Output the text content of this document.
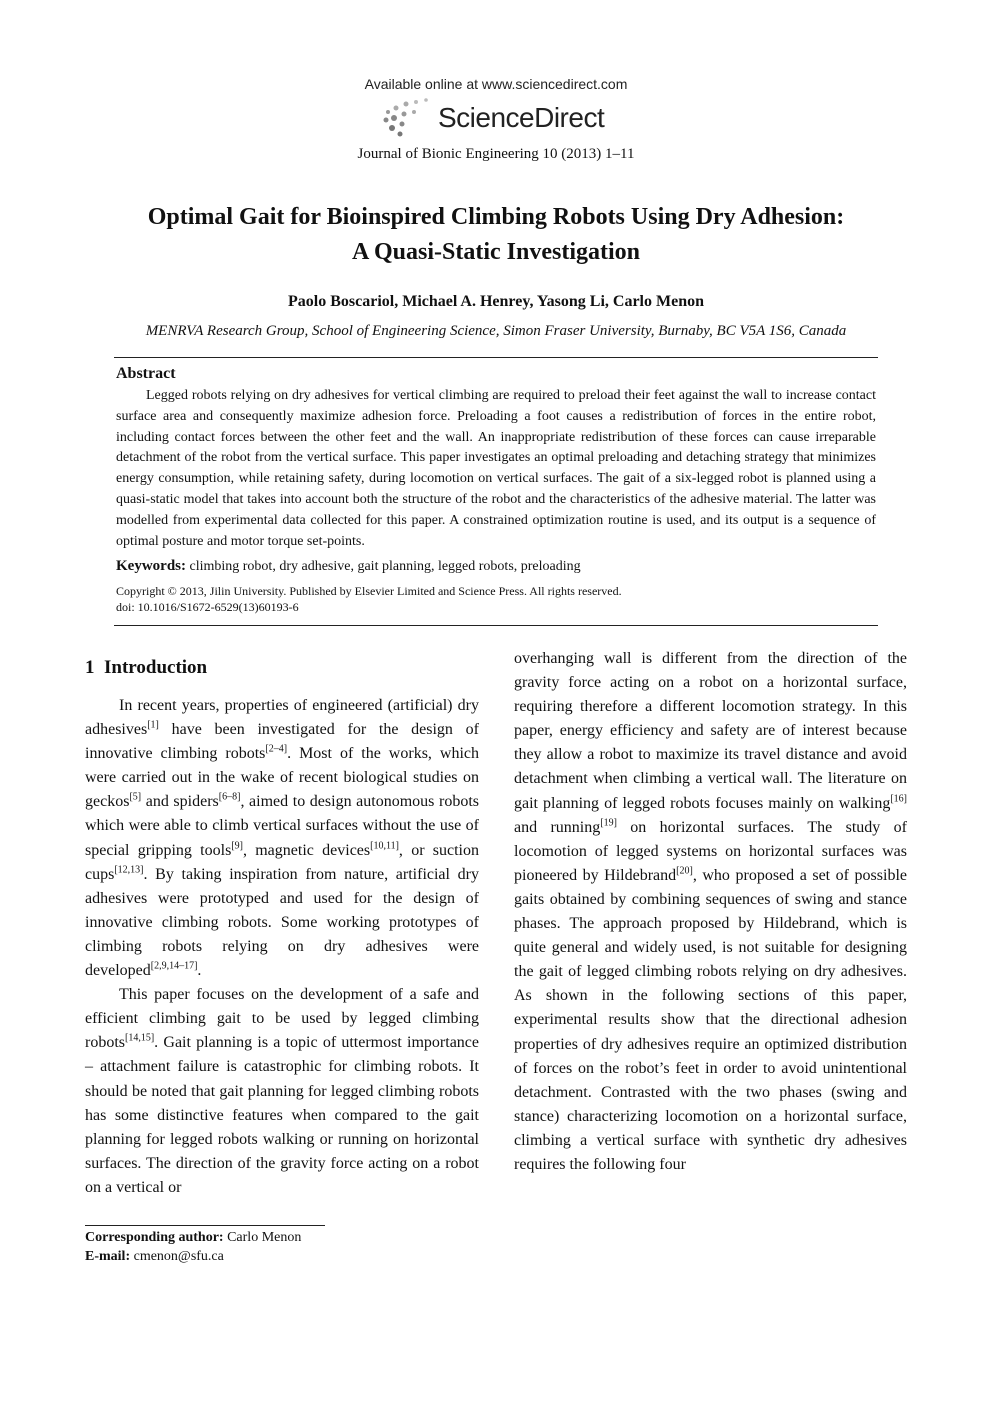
Available online at www.sciencedirect.com
ScienceDirect
Journal of Bionic Engineering 10 (2013) 1–11
Optimal Gait for Bioinspired Climbing Robots Using Dry Adhesion:
A Quasi-Static Investigation
Paolo Boscariol, Michael A. Henrey, Yasong Li, Carlo Menon
MENRVA Research Group, School of Engineering Science, Simon Fraser University, Burnaby, BC V5A 1S6, Canada
Abstract

Legged robots relying on dry adhesives for vertical climbing are required to preload their feet against the wall to increase contact surface area and consequently maximize adhesion force. Preloading a foot causes a redistribution of forces in the entire robot, including contact forces between the other feet and the wall. An inappropriate redistribution of these forces can cause irreparable detachment of the robot from the vertical surface. This paper investigates an optimal preloading and detaching strategy that minimizes energy consumption, while retaining safety, during locomotion on vertical surfaces. The gait of a six-legged robot is planned using a quasi-static model that takes into account both the structure of the robot and the characteristics of the adhesive material. The latter was modelled from experimental data collected for this paper. A constrained optimization routine is used, and its output is a sequence of optimal posture and motor torque set-points.

Keywords: climbing robot, dry adhesive, gait planning, legged robots, preloading
Copyright © 2013, Jilin University. Published by Elsevier Limited and Science Press. All rights reserved.
doi: 10.1016/S1672-6529(13)60193-6
1 Introduction

In recent years, properties of engineered (artificial) dry adhesives[1] have been investigated for the design of innovative climbing robots[2–4]. Most of the works, which were carried out in the wake of recent biological studies on geckos[5] and spiders[6–8], aimed to design autonomous robots which were able to climb vertical surfaces without the use of special gripping tools[9], magnetic devices[10,11], or suction cups[12,13]. By taking inspiration from nature, artificial dry adhesives were prototyped and used for the design of innovative climbing robots. Some working prototypes of climbing robots relying on dry adhesives were developed[2,9,14–17].

This paper focuses on the development of a safe and efficient climbing gait to be used by legged climbing robots[14,15]. Gait planning is a topic of uttermost importance – attachment failure is catastrophic for climbing robots. It should be noted that gait planning for legged climbing robots has some distinctive features when compared to the gait planning for legged robots walking or running on horizontal surfaces. The direction of the gravity force acting on a robot on a vertical or

overhanging wall is different from the direction of the gravity force acting on a robot on a horizontal surface, requiring therefore a different locomotion strategy. In this paper, energy efficiency and safety are of interest because they allow a robot to maximize its travel distance and avoid detachment when climbing a vertical wall. The literature on gait planning of legged robots focuses mainly on walking[16] and running[19] on horizontal surfaces. The study of locomotion of legged systems on horizontal surfaces was pioneered by Hildebrand[20], who proposed a set of possible gaits obtained by combining sequences of swing and stance phases. The approach proposed by Hildebrand, which is quite general and widely used, is not suitable for designing the gait of legged climbing robots relying on dry adhesives. As shown in the following sections of this paper, experimental results show that the directional adhesion properties of dry adhesives require an optimized distribution of forces on the robot’s feet in order to avoid unintentional detachment. Contrasted with the two phases (swing and stance) characterizing locomotion on a horizontal surface, climbing a vertical surface with synthetic dry adhesives requires the following four

Corresponding author: Carlo Menon
E-mail: cmenon@sfu.ca
